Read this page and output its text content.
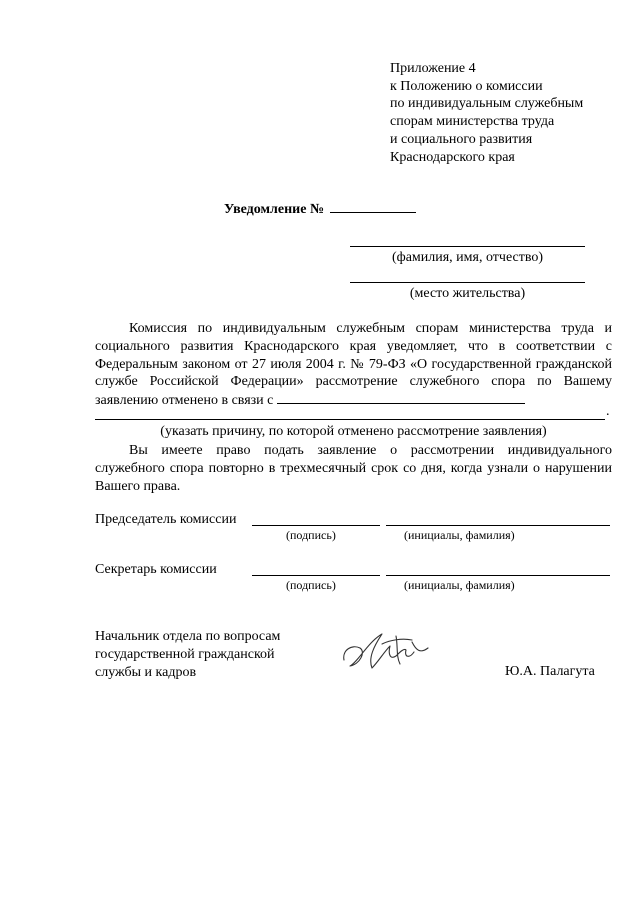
Приложение 4
к Положению о комиссии
по индивидуальным служебным
спорам министерства труда
и социального развития
Краснодарского края
Уведомление №
(фамилия, имя, отчество)
(место жительства)

Комиссия по индивидуальным служебным спорам министерства труда и социального развития Краснодарского края уведомляет, что в соответствии с Федеральным законом от 27 июля 2004 г. № 79-ФЗ «О государственной гражданской службе Российской Федерации» рассмотрение служебного спора по Вашему заявлению отменено в связи с

.
(указать причину, по которой отменено рассмотрение заявления)

Вы имеете право подать заявление о рассмотрении индивидуального служебного спора повторно в трехмесячный срок со дня, когда узнали о нарушении Вашего права.

Председатель комиссии
(подпись)	(инициалы, фамилия)
Секретарь комиссии
(подпись)	(инициалы, фамилия)
Начальник отдела по вопросам
государственной гражданской
службы и кадров	Ю.А. Палагута
